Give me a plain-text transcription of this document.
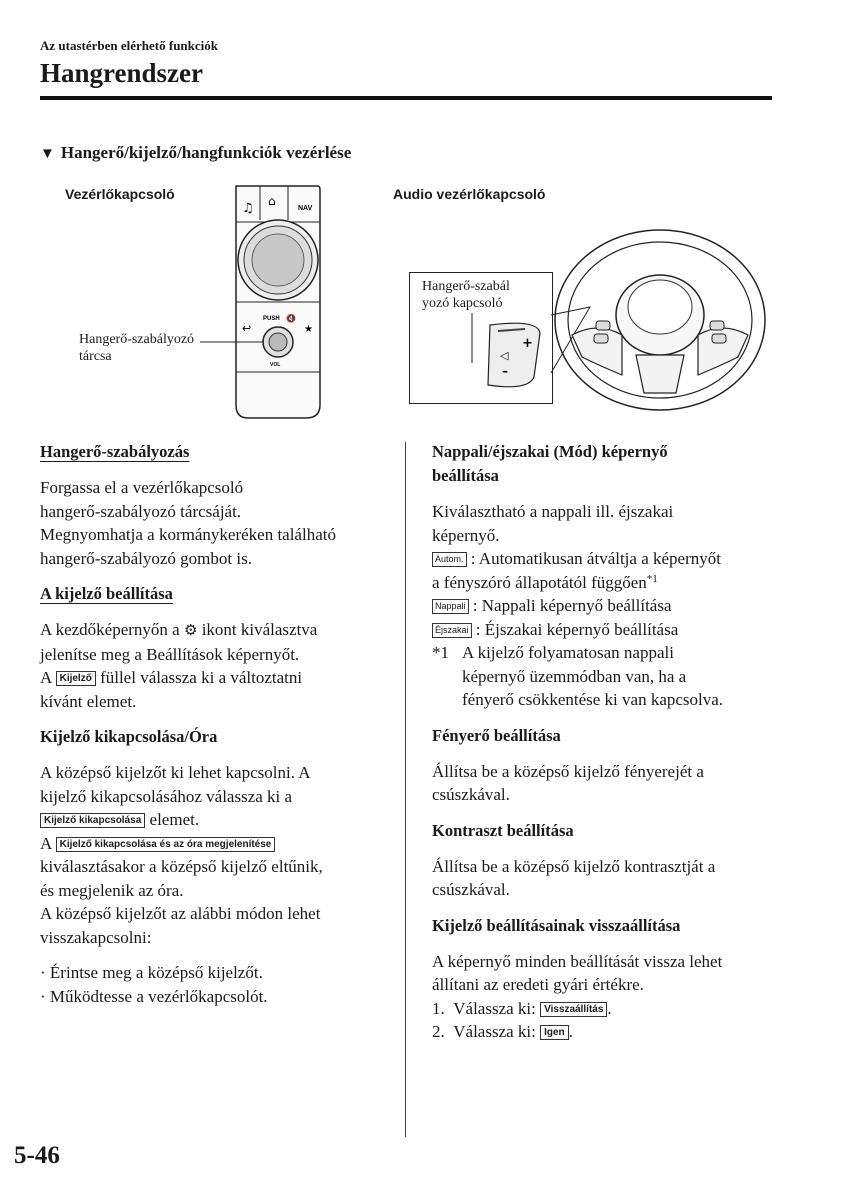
Az utastérben elérhető funkciók
Hangrendszer
▼ Hangerő/kijelző/hangfunkciók vezérlése
Vezérlőkapcsoló
Hangerő-szabályozó
tárcsa
♫ ⌂
NAV
PUSH 🔇
↩	★
VOL
Audio vezérlőkapcsoló
Hangerő-szabál
yozó kapcsoló
+
◁
–
Hangerő-szabályozás

Forgassa el a vezérlőkapcsoló
hangerő-szabályozó tárcsáját.
Megnyomhatja a kormánykeréken található
hangerő-szabályozó gombot is.

A kijelző beállítása

A kezdőképernyőn a ⚙ ikont kiválasztva
jelenítse meg a Beállítások képernyőt.
A Kijelző füllel válassza ki a változtatni
kívánt elemet.

Kijelző kikapcsolása/Óra

A középső kijelzőt ki lehet kapcsolni. A
kijelző kikapcsolásához válassza ki a
Kijelző kikapcsolása elemet.
A Kijelző kikapcsolása és az óra megjelenítése
kiválasztásakor a középső kijelző eltűnik,
és megjelenik az óra.
A középső kijelzőt az alábbi módon lehet
visszakapcsolni:

· Érintse meg a középső kijelzőt.

· Működtesse a vezérlőkapcsolót.

Nappali/éjszakai (Mód) képernyő
beállítása

Kiválasztható a nappali ill. éjszakai
képernyő.
Autom. : Automatikusan átváltja a képernyőt
a fényszóró állapotától függően$^{*1}$
Nappali : Nappali képernyő beállítása
Éjszakai : Éjszakai képernyő beállítása

*1 A kijelző folyamatosan nappali
képernyő üzemmódban van, ha a
fényerő csökkentése ki van kapcsolva.

Fényerő beállítása

Állítsa be a középső kijelző fényerejét a
csúszkával.

Kontraszt beállítása

Állítsa be a középső kijelző kontrasztját a
csúszkával.

Kijelző beállításainak visszaállítása

A képernyő minden beállítását vissza lehet
állítani az eredeti gyári értékre.

1. Válassza ki: Visszaállítás .

2. Válassza ki: Igen .

5-46
